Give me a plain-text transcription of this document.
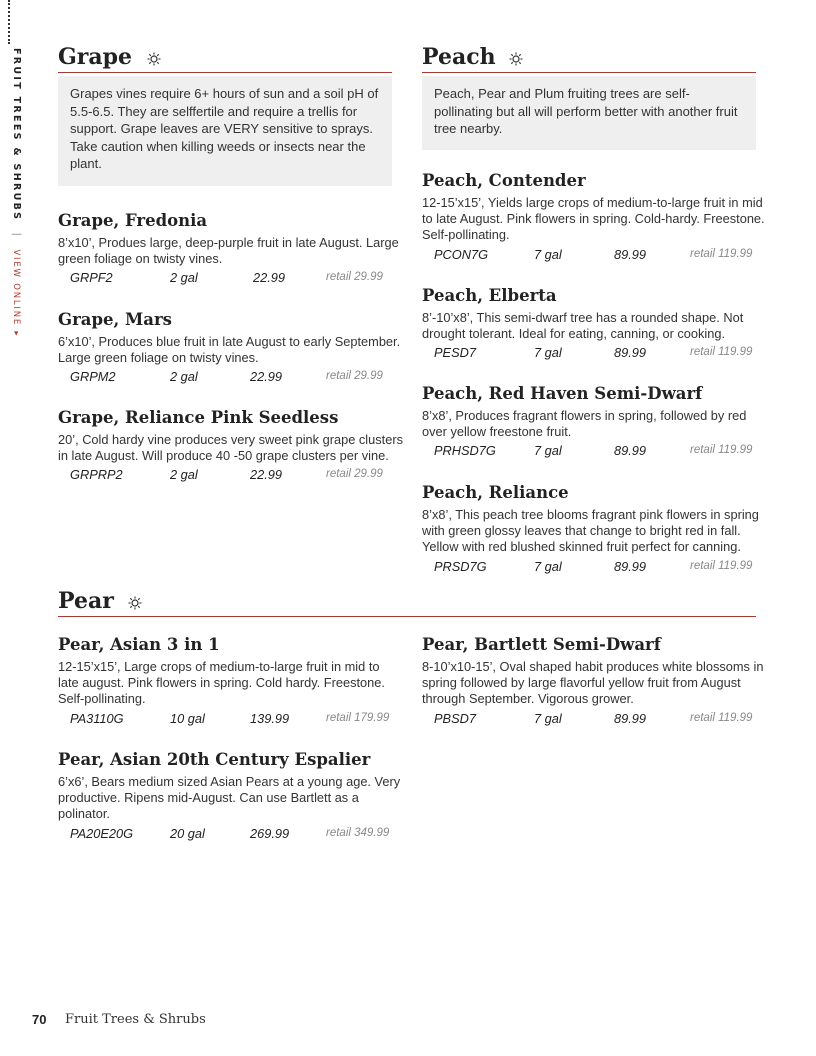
FRUIT TREES & SHRUBS | VIEW ONLINE ▸
Grape
Grapes vines require 6+ hours of sun and a soil pH of 5.5-6.5. They are selffertile and require a trellis for support. Grape leaves are VERY sensitive to sprays. Take caution when killing weeds or insects near the plant.
Grape, Fredonia
8’x10’, Produes large, deep-purple fruit in late August. Large green foliage on twisty vines.
GRPF2	2 gal	22.99	retail 29.99
Grape, Mars
6’x10’, Produces blue fruit in late August to early September. Large green foliage on twisty vines.
GRPM2	2 gal	22.99	retail 29.99
Grape, Reliance Pink Seedless
20’, Cold hardy vine produces very sweet pink grape clusters in late August. Will produce 40 -50 grape clusters per vine.
GRPRP2	2 gal	22.99	retail 29.99
Peach
Peach, Pear and Plum fruiting trees are self-pollinating but all will perform better with another fruit tree nearby.
Peach, Contender
12-15’x15’, Yields large crops of medium-to-large fruit in mid to late August. Pink flowers in spring. Cold-hardy. Freestone. Self-pollinating.
PCON7G	7 gal	89.99	retail 119.99
Peach, Elberta
8’-10’x8’, This semi-dwarf tree has a rounded shape. Not drought tolerant. Ideal for eating, canning, or cooking.
PESD7	7 gal	89.99	retail 119.99
Peach, Red Haven Semi-Dwarf
8’x8’, Produces fragrant flowers in spring, followed by red over yellow freestone fruit.
PRHSD7G	7 gal	89.99	retail 119.99
Peach, Reliance
8’x8’, This peach tree blooms fragrant pink flowers in spring with green glossy leaves that change to bright red in fall. Yellow with red blushed skinned fruit perfect for canning.
PRSD7G	7 gal	89.99	retail 119.99
Pear
Pear, Asian 3 in 1
12-15’x15’, Large crops of medium-to-large fruit in mid to late august. Pink flowers in spring. Cold hardy. Freestone. Self-pollinating.
PA3110G	10 gal	139.99	retail 179.99
Pear, Asian 20th Century Espalier
6’x6’, Bears medium sized Asian Pears at a young age. Very productive. Ripens mid-August. Can use Bartlett as a polinator.
PA20E20G	20 gal	269.99	retail 349.99
Pear, Bartlett Semi-Dwarf
8-10’x10-15’, Oval shaped habit produces white blossoms in spring followed by large flavorful yellow fruit from August through September. Vigorous grower.
PBSD7	7 gal	89.99	retail 119.99
70 Fruit Trees & Shrubs
